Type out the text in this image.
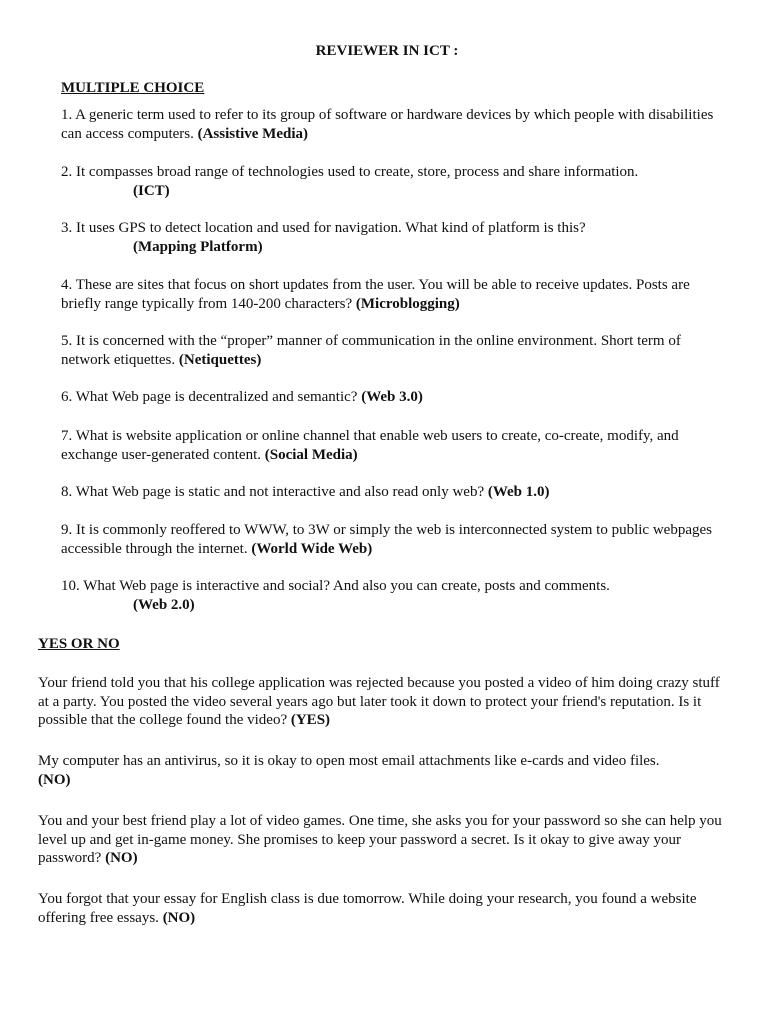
REVIEWER IN ICT :
MULTIPLE CHOICE

1. A generic term used to refer to its group of software or hardware devices by which people with disabilities can access computers. (Assistive Media)

2. It compasses broad range of technologies used to create, store, process and share information.
(ICT)

3. It uses GPS to detect location and used for navigation. What kind of platform is this?
(Mapping Platform)

4. These are sites that focus on short updates from the user. You will be able to receive updates. Posts are briefly range typically from 140-200 characters? (Microblogging)

5. It is concerned with the “proper” manner of communication in the online environment. Short term of network etiquettes. (Netiquettes)

6. What Web page is decentralized and semantic? (Web 3.0)

7. What is website application or online channel that enable web users to create, co-create, modify, and exchange user-generated content. (Social Media)

8. What Web page is static and not interactive and also read only web? (Web 1.0)

9. It is commonly reoffered to WWW, to 3W or simply the web is interconnected system to public webpages accessible through the internet. (World Wide Web)

10. What Web page is interactive and social? And also you can create, posts and comments.
(Web 2.0)

YES OR NO

Your friend told you that his college application was rejected because you posted a video of him doing crazy stuff at a party. You posted the video several years ago but later took it down to protect your friend's reputation. Is it possible that the college found the video? (YES)

My computer has an antivirus, so it is okay to open most email attachments like e-cards and video files.
(NO)

You and your best friend play a lot of video games. One time, she asks you for your password so she can help you level up and get in-game money. She promises to keep your password a secret. Is it okay to give away your password? (NO)

You forgot that your essay for English class is due tomorrow. While doing your research, you found a website offering free essays. (NO)
